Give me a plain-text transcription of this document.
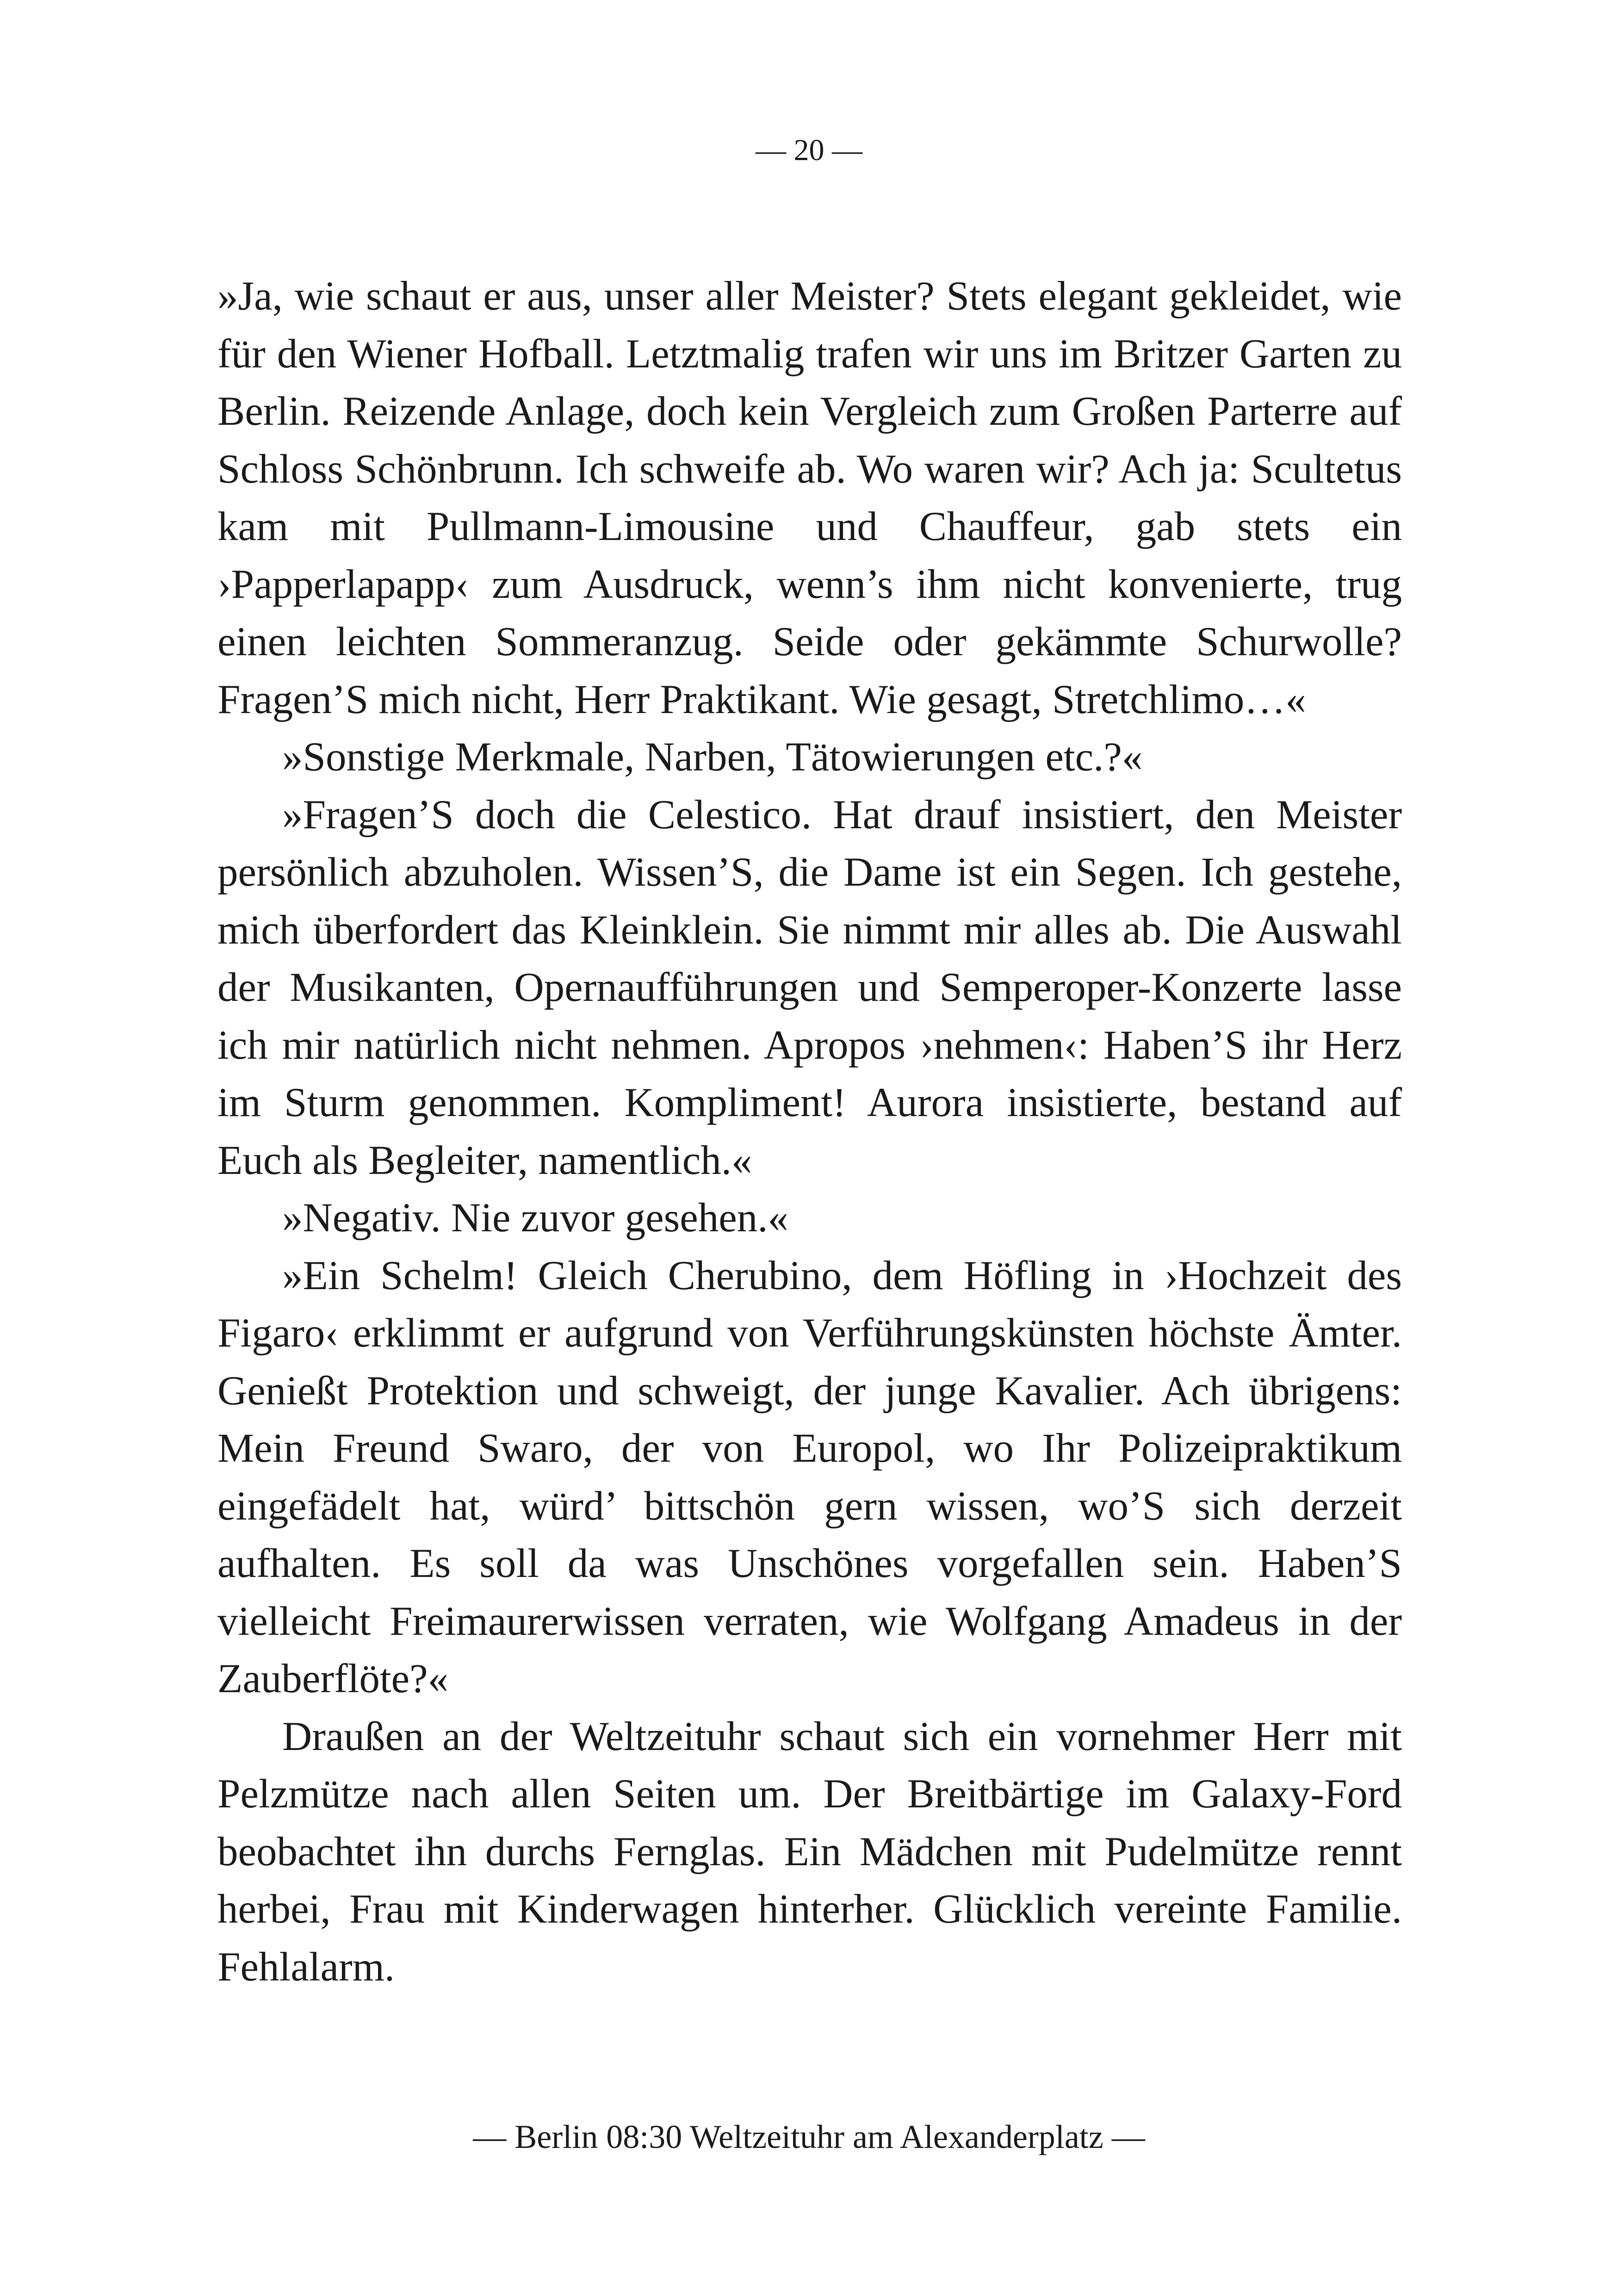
— 20 —

»Ja, wie schaut er aus, unser aller Meister? Stets elegant gekleidet, wie für den Wiener Hofball. Letztmalig trafen wir uns im Britzer Garten zu Berlin. Reizende Anlage, doch kein Vergleich zum Großen Parterre auf Schloss Schönbrunn. Ich schweife ab. Wo waren wir? Ach ja: Scultetus kam mit Pullmann-Limousine und Chauffeur, gab stets ein ›Papperlapapp‹ zum Ausdruck, wenn’s ihm nicht konvenierte, trug einen leichten Sommeranzug. Seide oder gekämmte Schurwolle? Fragen’S mich nicht, Herr Praktikant. Wie gesagt, Stretchlimo…«

»Sonstige Merkmale, Narben, Tätowierungen etc.?«

»Fragen’S doch die Celestico. Hat drauf insistiert, den Meister persönlich abzuholen. Wissen’S, die Dame ist ein Segen. Ich gestehe, mich überfordert das Kleinklein. Sie nimmt mir alles ab. Die Auswahl der Musikanten, Opernaufführungen und Semperoper-Konzerte lasse ich mir natürlich nicht nehmen. Apropos ›nehmen‹: Haben’S ihr Herz im Sturm genommen. Kompliment! Aurora insistierte, bestand auf Euch als Begleiter, namentlich.«

»Negativ. Nie zuvor gesehen.«

»Ein Schelm! Gleich Cherubino, dem Höfling in ›Hochzeit des Figaro‹ erklimmt er aufgrund von Verführungskünsten höchste Ämter. Genießt Protektion und schweigt, der junge Kavalier. Ach übrigens: Mein Freund Swaro, der von Europol, wo Ihr Polizeipraktikum eingefädelt hat, würd’ bittschön gern wissen, wo’S sich derzeit aufhalten. Es soll da was Unschönes vorgefallen sein. Haben’S vielleicht Freimaurerwissen verraten, wie Wolfgang Amadeus in der Zauberflöte?«

Draußen an der Weltzeituhr schaut sich ein vornehmer Herr mit Pelzmütze nach allen Seiten um. Der Breitbärtige im Galaxy-Ford beobachtet ihn durchs Fernglas. Ein Mädchen mit Pudelmütze rennt herbei, Frau mit Kinderwagen hinterher. Glücklich vereinte Familie. Fehlalarm.

— Berlin 08:30 Weltzeituhr am Alexanderplatz —
